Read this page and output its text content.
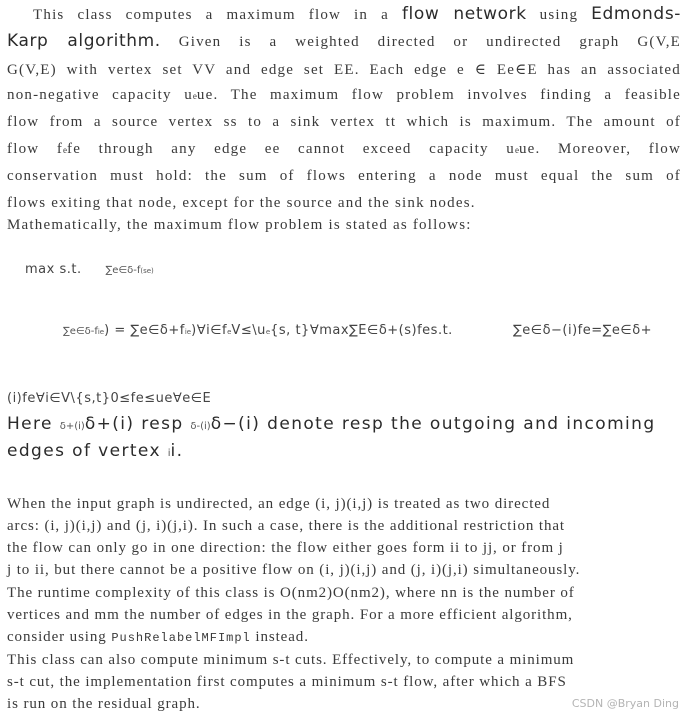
This class computes a maximum flow in a flow network using Edmonds-
Karp algorithm. Given is a weighted directed or undirected graph G(V,E
G(V,E) with vertex set VV and edge set EE. Each edge e ∈ Ee∈E has an associated
non-negative capacity ueue. The maximum flow problem involves finding a feasible
flow from a source vertex ss to a sink vertex tt which is maximum. The amount of
flow fefe through any edge ee cannot exceed capacity ueue. Moreover, flow
conservation must hold: the sum of flows entering a node must equal the sum of
flows exiting that node, except for the source and the sink nodes.
Mathematically, the maximum flow problem is stated as follows:
max s.t. ∑e∈δ-f(se)
∑e∈δ-fie) = ∑e∈δ+fie)∀i∈feV≤\ue{s, t}∀max∑E∈δ+(s)fes.t.	∑e∈δ−(i)fe=∑e∈δ+
(i)fe∀i∈V\{s,t}0≤fe≤ue∀e∈E
Here δ+(i)δ+(i) resp δ-(i)δ−(i) denote resp the outgoing and incoming
edges of vertex ii.
When the input graph is undirected, an edge (i, j)(i,j) is treated as two directed
arcs: (i, j)(i,j) and (j, i)(j,i). In such a case, there is the additional restriction that
the flow can only go in one direction: the flow either goes form ii to jj, or from j
j to ii, but there cannot be a positive flow on (i, j)(i,j) and (j, i)(j,i) simultaneously.
The runtime complexity of this class is O(nm2)O(nm2), where nn is the number of
vertices and mm the number of edges in the graph. For a more efficient algorithm,
consider using PushRelabelMFImpl instead.
This class can also compute minimum s-t cuts. Effectively, to compute a minimum
s-t cut, the implementation first computes a minimum s-t flow, after which a BFS
is run on the residual graph.	CSDN @Bryan Ding
